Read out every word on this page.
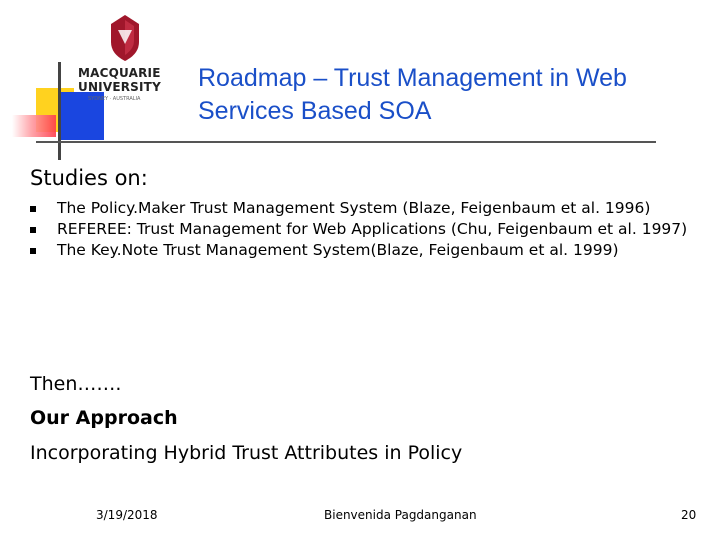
MACQUARIE
UNIVERSITY
SYDNEY · AUSTRALIA
Roadmap – Trust Management in Web Services Based SOA
Studies on:
The Policy.Maker Trust Management System (Blaze, Feigenbaum et al. 1996)
REFEREE: Trust Management for Web Applications (Chu, Feigenbaum et al. 1997)
The Key.Note Trust Management System(Blaze, Feigenbaum et al. 1999)
Then…….
Our Approach
Incorporating Hybrid Trust Attributes in Policy
3/19/2018	Bienvenida Pagdanganan	20
